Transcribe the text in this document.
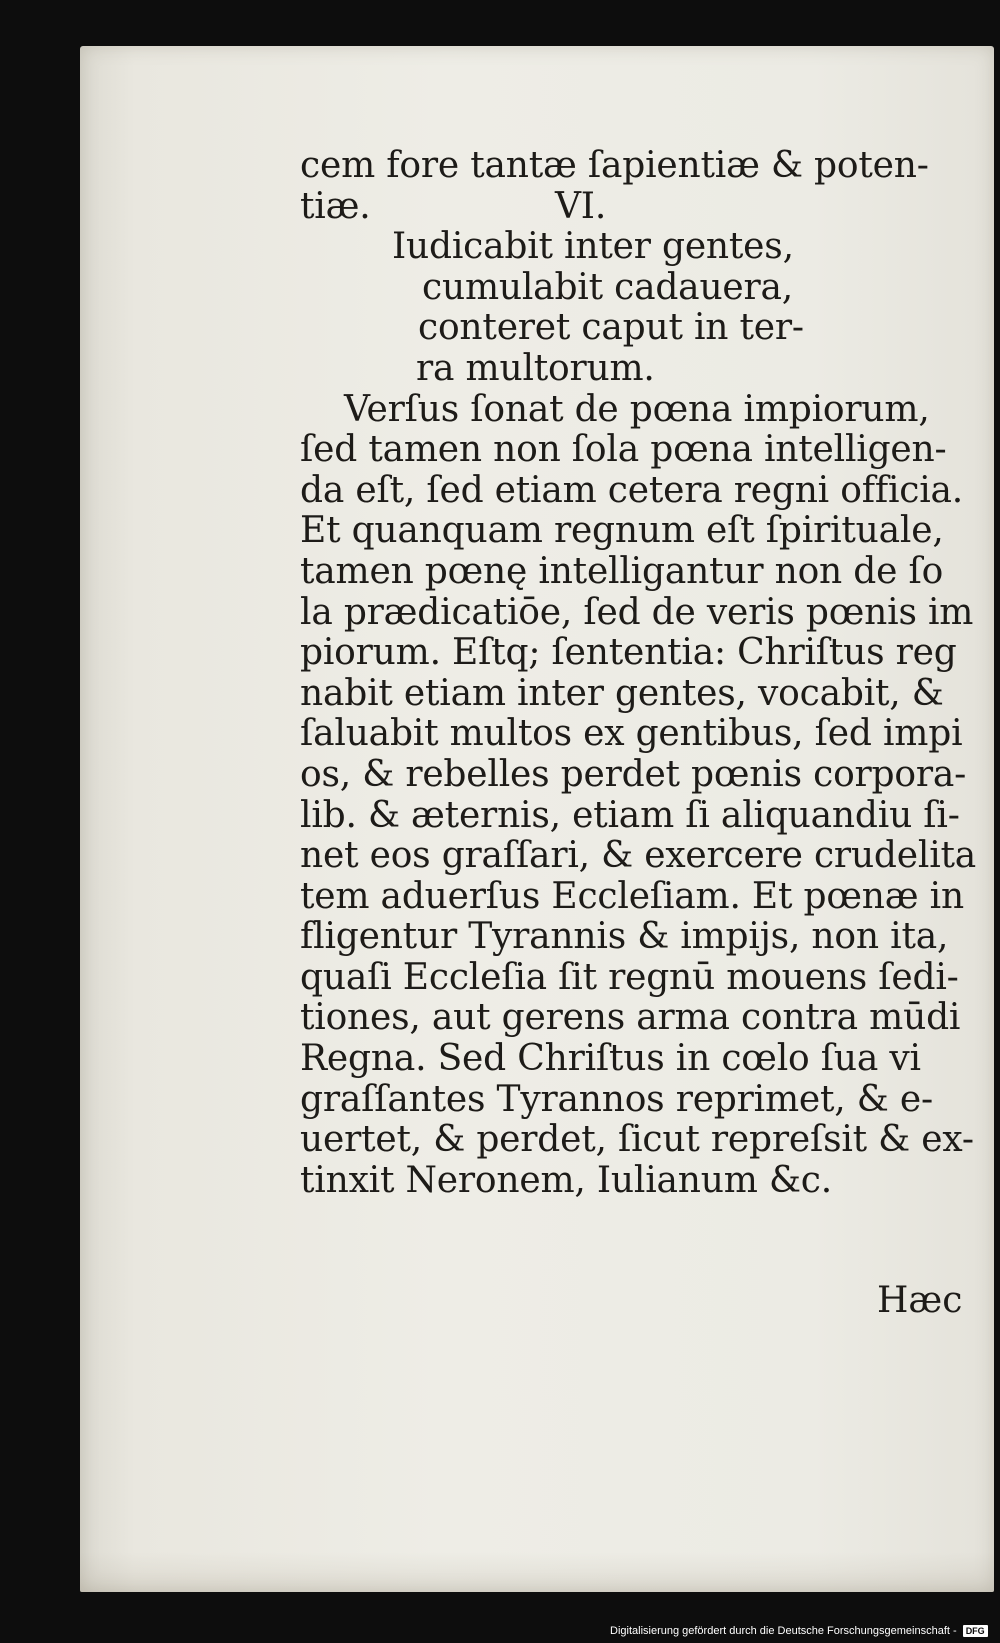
cem fore tantæ ſapientiæ & poten-
tiæ.	VI.
Iudicabit inter gentes,
cumulabit cadauera,
conteret caput in ter-
ra multorum.
Verſus ſonat de pœna impiorum,
ſed tamen non ſola pœna intelligen-
da eſt, ſed etiam cetera regni officia.
Et quanquam regnum eſt ſpirituale,
tamen pœnę intelligantur non de ſo
la prædicatiōe, ſed de veris pœnis im
piorum. Eſtq; ſententia: Chriſtus reg
nabit etiam inter gentes, vocabit, &
ſaluabit multos ex gentibus, ſed impi
os, & rebelles perdet pœnis corpora-
lib. & æternis, etiam ſi aliquandiu ſi-
net eos graſſari, & exercere crudelita
tem aduerſus Eccleſiam. Et pœnæ in
fligentur Tyrannis & impijs, non ita,
quaſi Eccleſia ſit regnū mouens ſedi-
tiones, aut gerens arma contra mūdi
Regna. Sed Chriſtus in cœlo ſua vi
graſſantes Tyrannos reprimet, & e-
uertet, & perdet, ſicut repreſsit & ex-
tinxit Neronem, Iulianum &c.
Hæc
Digitalisierung gefördert durch die Deutsche Forschungsgemeinschaft -	DFG
